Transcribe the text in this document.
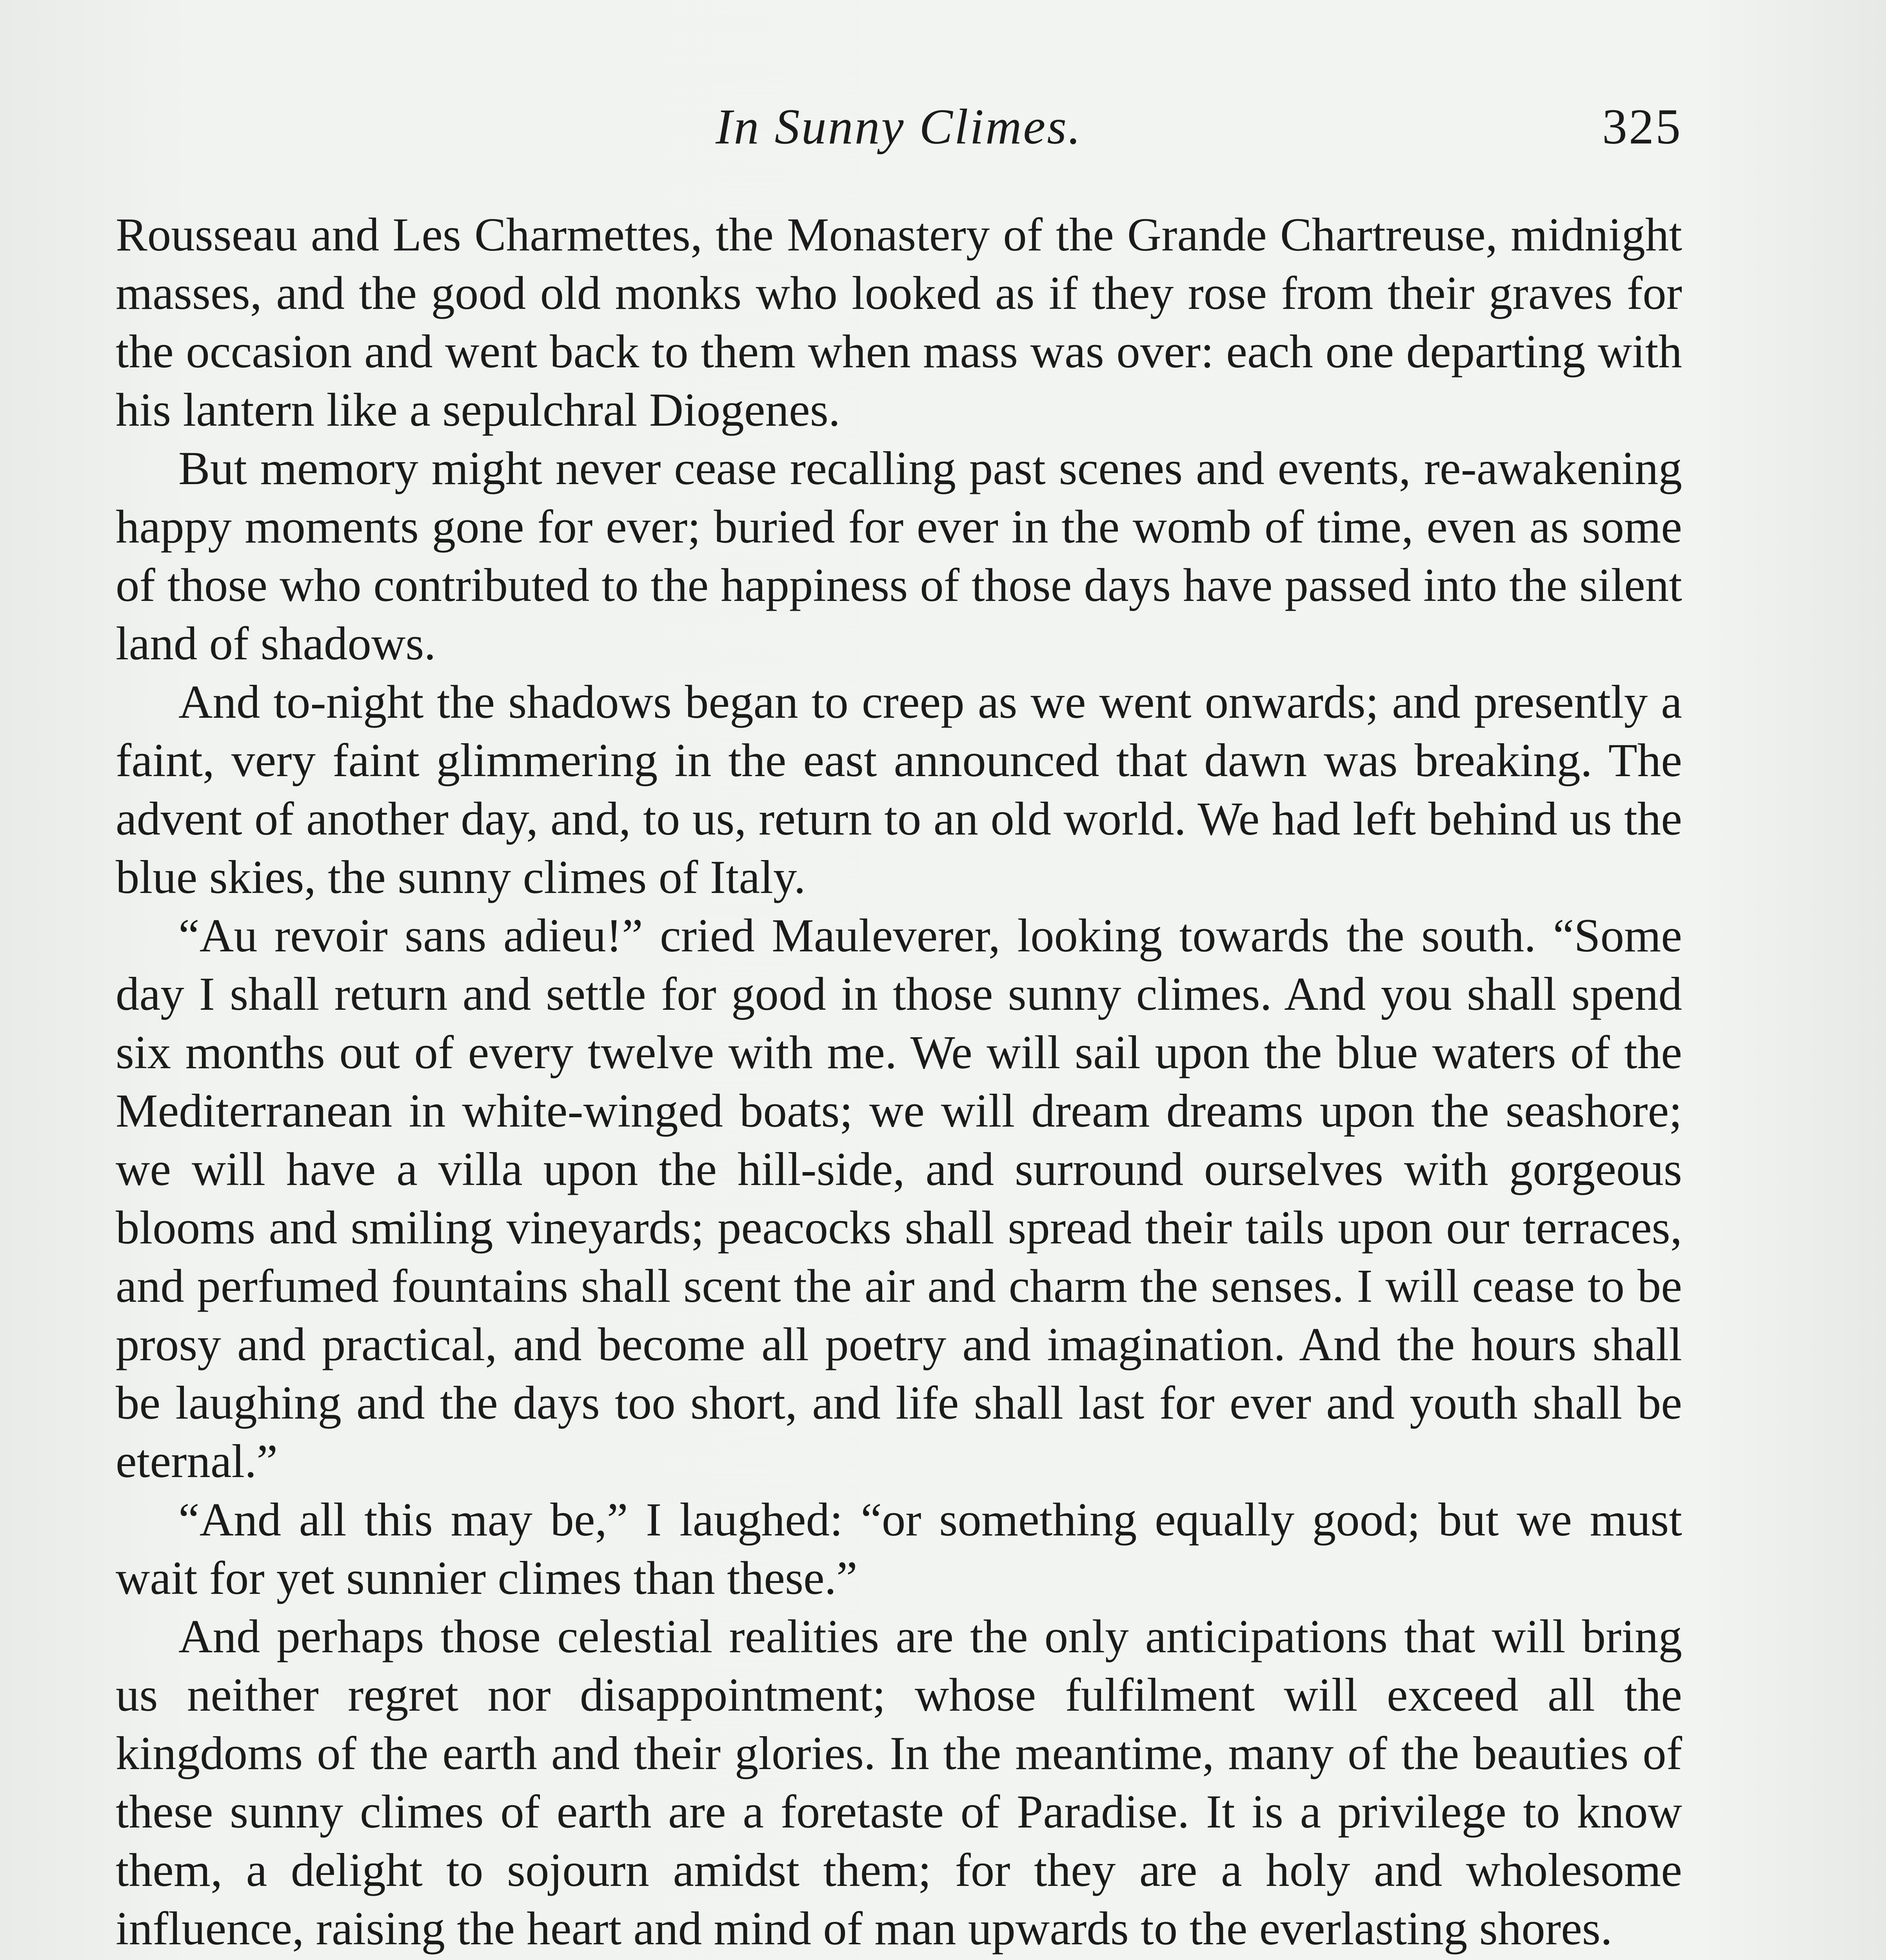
In Sunny Climes.	325

Rousseau and Les Charmettes, the Monastery of the Grande Chartreuse, midnight masses, and the good old monks who looked as if they rose from their graves for the occasion and went back to them when mass was over: each one departing with his lantern like a sepulchral Diogenes.

But memory might never cease recalling past scenes and events, re-awakening happy moments gone for ever; buried for ever in the womb of time, even as some of those who contributed to the happiness of those days have passed into the silent land of shadows.

And to-night the shadows began to creep as we went onwards; and presently a faint, very faint glimmering in the east announced that dawn was breaking. The advent of another day, and, to us, return to an old world. We had left behind us the blue skies, the sunny climes of Italy.

“Au revoir sans adieu!” cried Mauleverer, looking towards the south. “Some day I shall return and settle for good in those sunny climes. And you shall spend six months out of every twelve with me. We will sail upon the blue waters of the Mediterranean in white-winged boats; we will dream dreams upon the seashore; we will have a villa upon the hill-side, and surround ourselves with gorgeous blooms and smiling vineyards; peacocks shall spread their tails upon our terraces, and perfumed fountains shall scent the air and charm the senses. I will cease to be prosy and practical, and become all poetry and imagination. And the hours shall be laughing and the days too short, and life shall last for ever and youth shall be eternal.”

“And all this may be,” I laughed: “or something equally good; but we must wait for yet sunnier climes than these.”

And perhaps those celestial realities are the only anticipations that will bring us neither regret nor disappointment; whose fulfilment will exceed all the kingdoms of the earth and their glories. In the meantime, many of the beauties of these sunny climes of earth are a foretaste of Paradise. It is a privilege to know them, a delight to sojourn amidst them; for they are a holy and wholesome influence, raising the heart and mind of man upwards to the everlasting shores.
